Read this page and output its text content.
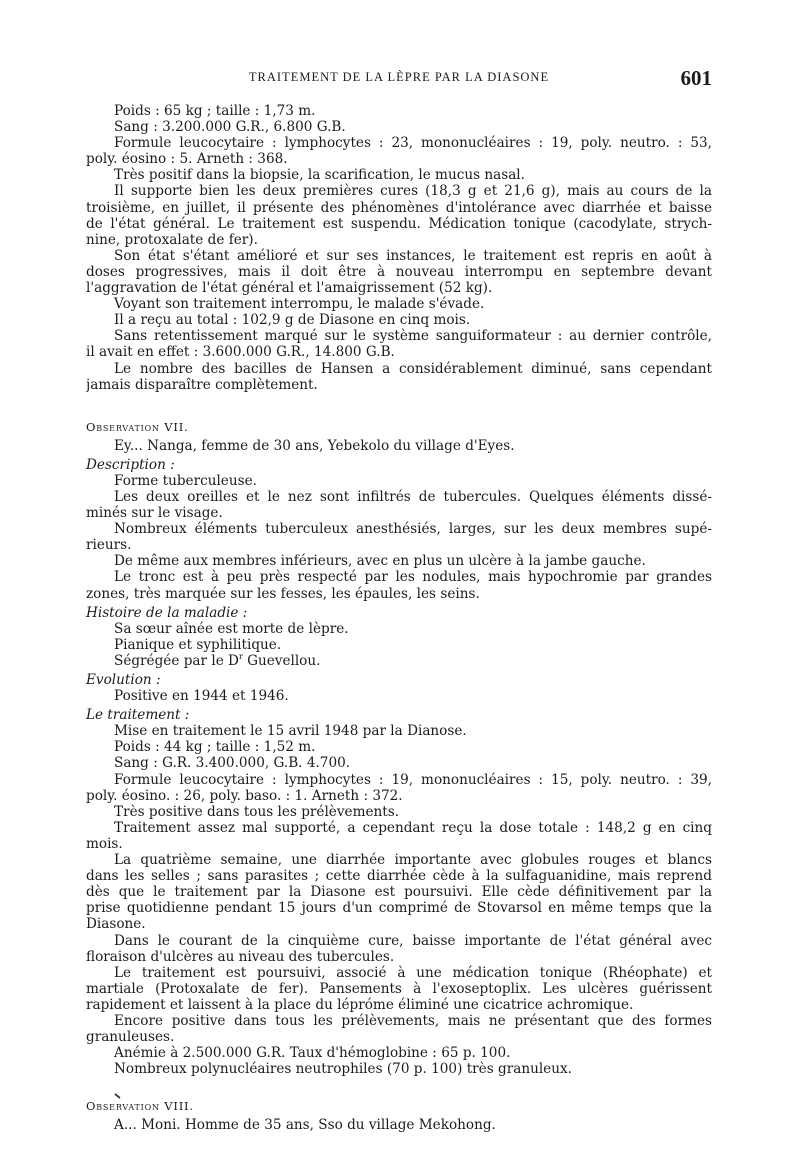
TRAITEMENT DE LA LÈPRE PAR LA DIASONE	601
Poids : 65 kg ; taille : 1,73 m.
Sang : 3.200.000 G.R., 6.800 G.B.
Formule leucocytaire : lymphocytes : 23, mononucléaires : 19, poly. neutro. : 53,
poly. éosino : 5. Arneth : 368.
Très positif dans la biopsie, la scarification, le mucus nasal.
Il supporte bien les deux premières cures (18,3 g et 21,6 g), mais au cours de la
troisième, en juillet, il présente des phénomènes d'intolérance avec diarrhée et baisse
de l'état général. Le traitement est suspendu. Médication tonique (cacodylate, strych-
nine, protoxalate de fer).
Son état s'étant amélioré et sur ses instances, le traitement est repris en août à
doses progressives, mais il doit être à nouveau interrompu en septembre devant
l'aggravation de l'état général et l'amaigrissement (52 kg).
Voyant son traitement interrompu, le malade s'évade.
Il a reçu au total : 102,9 g de Diasone en cinq mois.
Sans retentissement marqué sur le système sanguiformateur : au dernier contrôle,
il avait en effet : 3.600.000 G.R., 14.800 G.B.
Le nombre des bacilles de Hansen a considérablement diminué, sans cependant
jamais disparaître complètement.
Observation VII.
Ey... Nanga, femme de 30 ans, Yebekolo du village d'Eyes.
Description :
Forme tuberculeuse.
Les deux oreilles et le nez sont infiltrés de tubercules. Quelques éléments dissé-
minés sur le visage.
Nombreux éléments tuberculeux anesthésiés, larges, sur les deux membres supé-
rieurs.
De même aux membres inférieurs, avec en plus un ulcère à la jambe gauche.
Le tronc est à peu près respecté par les nodules, mais hypochromie par grandes
zones, très marquée sur les fesses, les épaules, les seins.
Histoire de la maladie :
Sa sœur aînée est morte de lèpre.
Pianique et syphilitique.
Ségrégée par le $D^r$ Guevellou.
Evolution :
Positive en 1944 et 1946.
Le traitement :
Mise en traitement le 15 avril 1948 par la Dianose.
Poids : 44 kg ; taille : 1,52 m.
Sang : G.R. 3.400.000, G.B. 4.700.
Formule leucocytaire : lymphocytes : 19, mononucléaires : 15, poly. neutro. : 39,
poly. éosino. : 26, poly. baso. : 1. Arneth : 372.
Très positive dans tous les prélèvements.
Traitement assez mal supporté, a cependant reçu la dose totale : 148,2 g en cinq
mois.
La quatrième semaine, une diarrhée importante avec globules rouges et blancs
dans les selles ; sans parasites ; cette diarrhée cède à la sulfaguanidine, mais reprend
dès que le traitement par la Diasone est poursuivi. Elle cède définitivement par la
prise quotidienne pendant 15 jours d'un comprimé de Stovarsol en même temps que la
Diasone.
Dans le courant de la cinquième cure, baisse importante de l'état général avec
floraison d'ulcères au niveau des tubercules.
Le traitement est poursuivi, associé à une médication tonique (Rhéophate) et
martiale (Protoxalate de fer). Pansements à l'exoseptoplix. Les ulcères guérissent
rapidement et laissent à la place du lépróme éliminé une cicatrice achromique.
Encore positive dans tous les prélèvements, mais ne présentant que des formes
granuleuses.
Anémie à 2.500.000 G.R. Taux d'hémoglobine : 65 p. 100.
Nombreux polynucléaires neutrophiles (70 p. 100) très granuleux.
Observation VIII.
A... Moni. Homme de 35 ans, Sso du village Mekohong.
